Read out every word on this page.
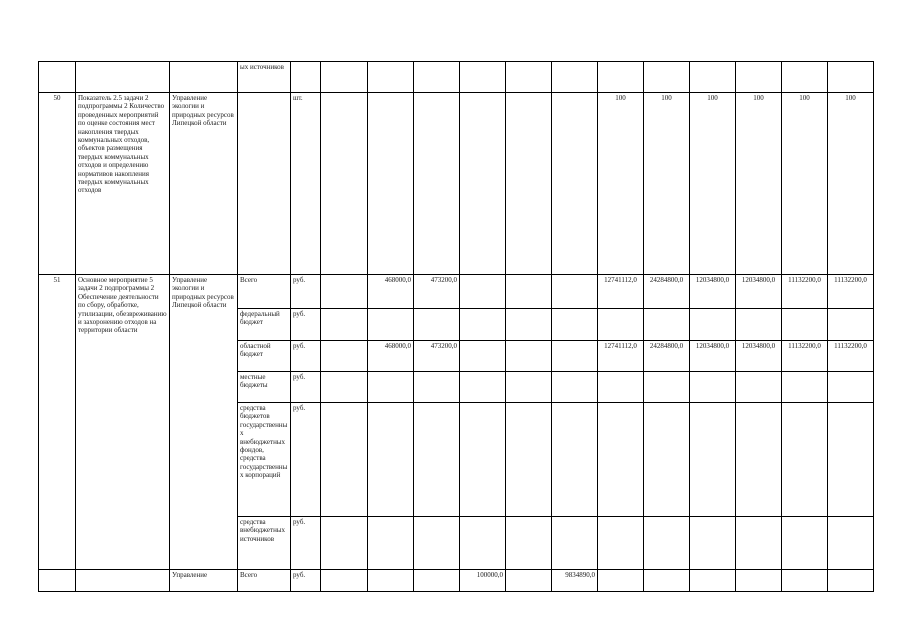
			ых источников													
50	Показатель 2.5 задачи 2 подпрограммы 2 Количество проведенных мероприятий по оценке состояния мест накопления твердых коммунальных отходов, объектов размещения твердых коммунальных отходов и определению нормативов накопления твердых коммунальных отходов	Управление экологии и природных ресурсов Липецкой области		шт.							100	100	100	100	100	100
51	Основное мероприятие 5 задачи 2 подпрограммы 2 Обеспечение деятельности по сбору, обработке, утилизации, обезвреживанию и захоронению отходов на территории области	Управление экологии и природных ресурсов Липецкой области	Всего	руб.		468000,0	473200,0				12741112,0	24284800,0	12034800,0	12034800,0	11132200,0	11132200,0
			федеральный бюджет	руб.												
			областной бюджет	руб.		468000,0	473200,0				12741112,0	24284800,0	12034800,0	12034800,0	11132200,0	11132200,0
			местные бюджеты	руб.												
			средства бюджетов государственных внебюджетных фондов, средства государственных корпораций	руб.												
			средства внебюджетных источников	руб.												
		Управление	Всего	руб.				100000,0		9834890,0						
